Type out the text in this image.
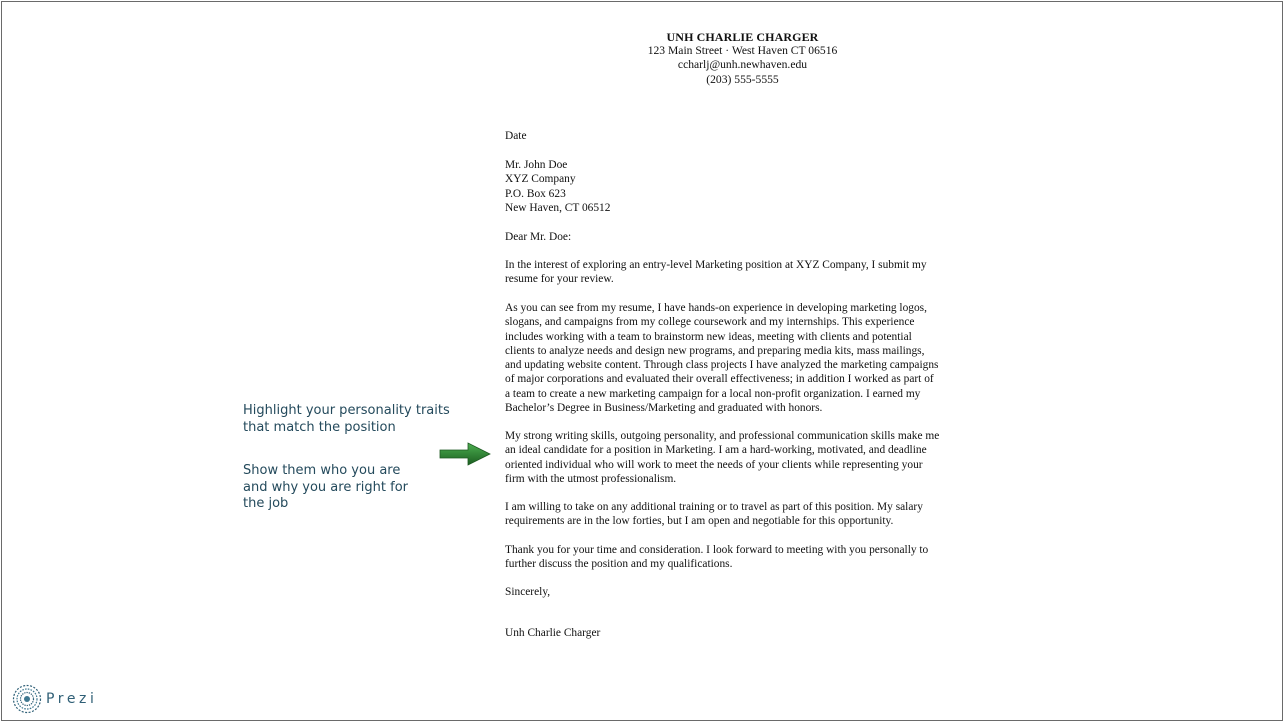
UNH CHARLIE CHARGER
123 Main Street · West Haven CT 06516
ccharlj@unh.newhaven.edu
(203) 555-5555
Date
Mr. John Doe
XYZ Company
P.O. Box 623
New Haven, CT 06512
Dear Mr. Doe:
In the interest of exploring an entry-level Marketing position at XYZ Company, I submit my
resume for your review.
As you can see from my resume, I have hands-on experience in developing marketing logos,
slogans, and campaigns from my college coursework and my internships. This experience
includes working with a team to brainstorm new ideas, meeting with clients and potential
clients to analyze needs and design new programs, and preparing media kits, mass mailings,
and updating website content. Through class projects I have analyzed the marketing campaigns
of major corporations and evaluated their overall effectiveness; in addition I worked as part of
a team to create a new marketing campaign for a local non-profit organization. I earned my
Bachelor’s Degree in Business/Marketing and graduated with honors.
My strong writing skills, outgoing personality, and professional communication skills make me
an ideal candidate for a position in Marketing. I am a hard-working, motivated, and deadline
oriented individual who will work to meet the needs of your clients while representing your
firm with the utmost professionalism.
I am willing to take on any additional training or to travel as part of this position. My salary
requirements are in the low forties, but I am open and negotiable for this opportunity.
Thank you for your time and consideration. I look forward to meeting with you personally to
further discuss the position and my qualifications.
Sincerely,
Unh Charlie Charger
Highlight your personality traits
that match the position
Show them who you are
and why you are right for
the job
Prezi
